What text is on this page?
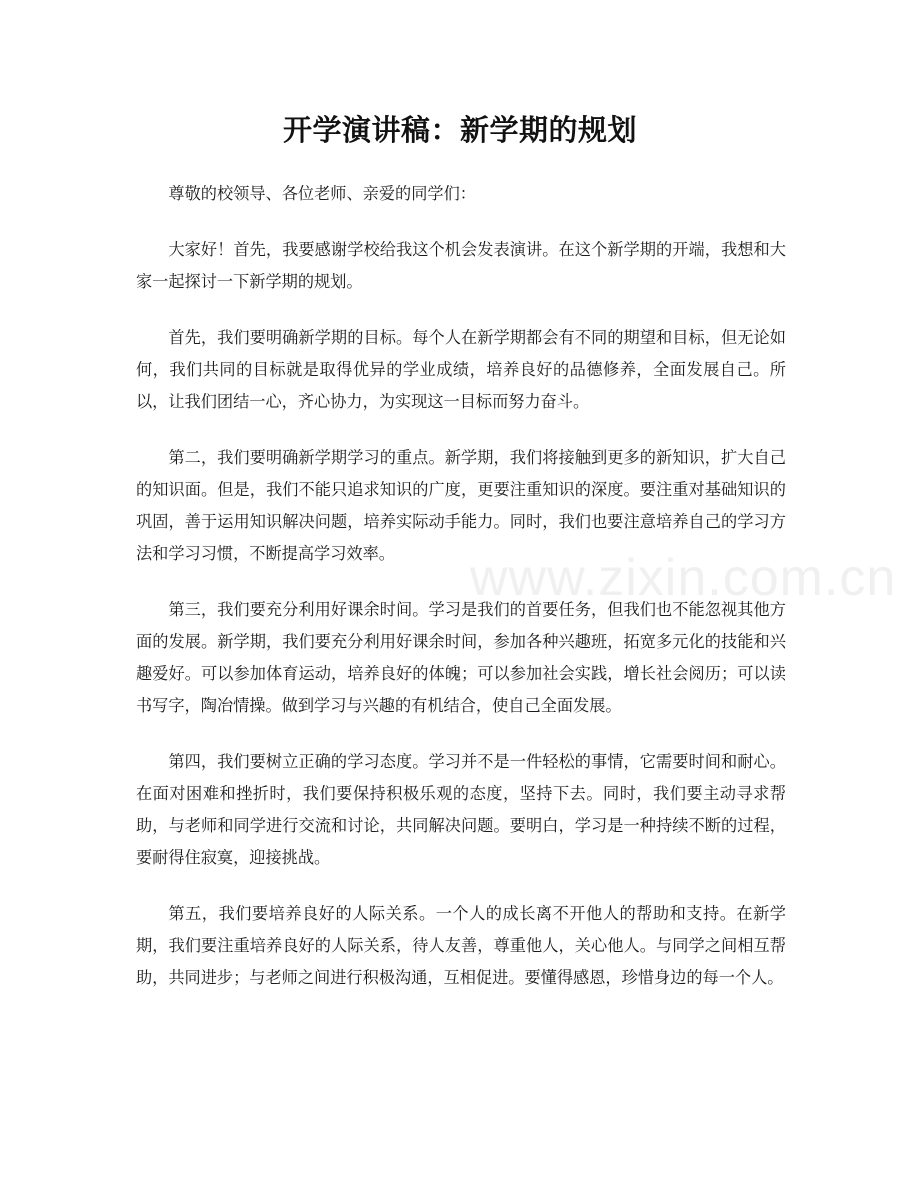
开学演讲稿：新学期的规划

尊敬的校领导、各位老师、亲爱的同学们：

大家好！首先，我要感谢学校给我这个机会发表演讲。在这个新学期的开端，我想和大家一起探讨一下新学期的规划。

首先，我们要明确新学期的目标。每个人在新学期都会有不同的期望和目标，但无论如何，我们共同的目标就是取得优异的学业成绩，培养良好的品德修养，全面发展自己。所以，让我们团结一心，齐心协力，为实现这一目标而努力奋斗。

第二，我们要明确新学期学习的重点。新学期，我们将接触到更多的新知识，扩大自己的知识面。但是，我们不能只追求知识的广度，更要注重知识的深度。要注重对基础知识的巩固，善于运用知识解决问题，培养实际动手能力。同时，我们也要注意培养自己的学习方法和学习习惯，不断提高学习效率。

第三，我们要充分利用好课余时间。学习是我们的首要任务，但我们也不能忽视其他方面的发展。新学期，我们要充分利用好课余时间，参加各种兴趣班，拓宽多元化的技能和兴趣爱好。可以参加体育运动，培养良好的体魄；可以参加社会实践，增长社会阅历；可以读书写字，陶冶情操。做到学习与兴趣的有机结合，使自己全面发展。

第四，我们要树立正确的学习态度。学习并不是一件轻松的事情，它需要时间和耐心。在面对困难和挫折时，我们要保持积极乐观的态度，坚持下去。同时，我们要主动寻求帮助，与老师和同学进行交流和讨论，共同解决问题。要明白，学习是一种持续不断的过程，要耐得住寂寞，迎接挑战。

第五，我们要培养良好的人际关系。一个人的成长离不开他人的帮助和支持。在新学期，我们要注重培养良好的人际关系，待人友善，尊重他人，关心他人。与同学之间相互帮助，共同进步；与老师之间进行积极沟通，互相促进。要懂得感恩，珍惜身边的每一个人。

www.zixin.com.cn
